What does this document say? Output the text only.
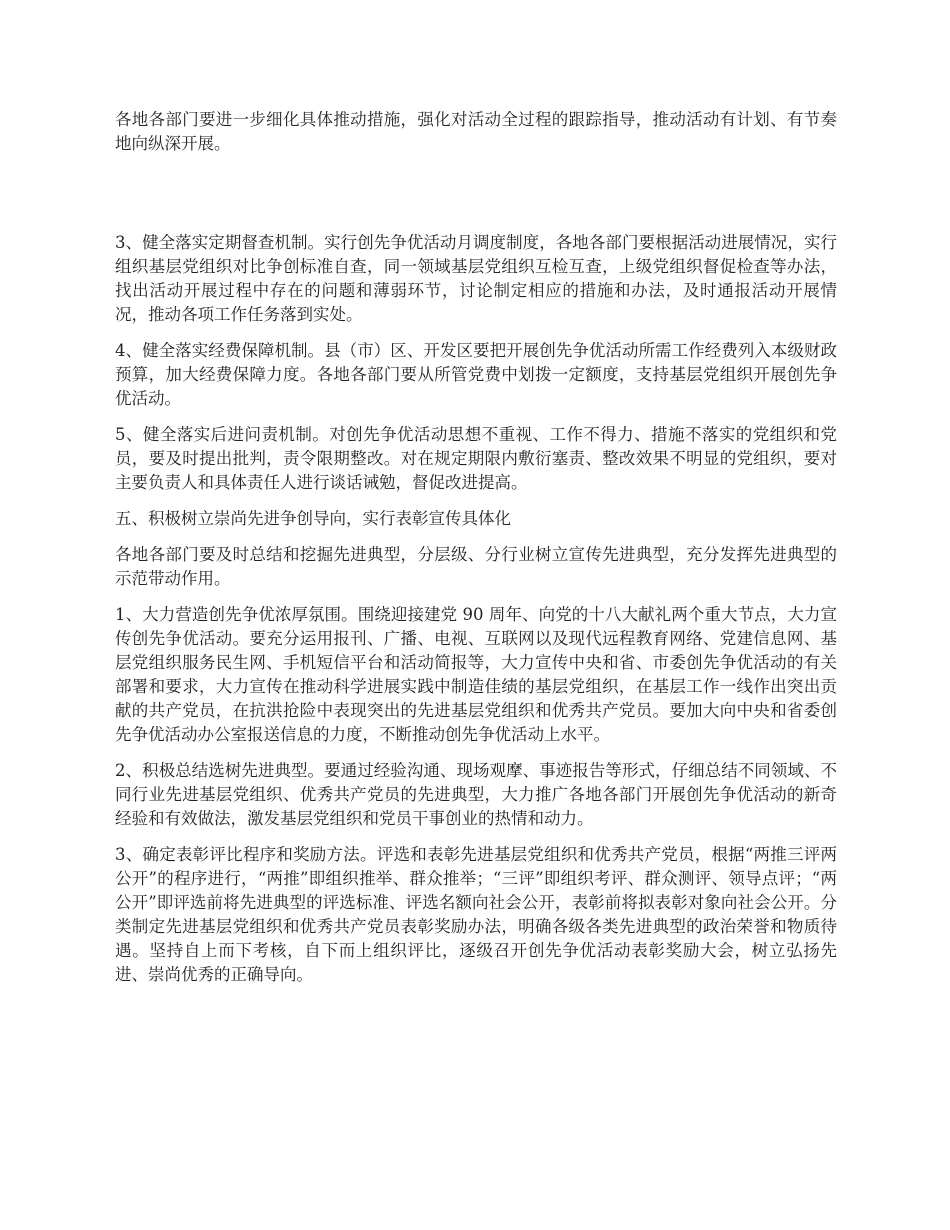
各地各部门要进一步细化具体推动措施，强化对活动全过程的跟踪指导，推动活动有计划、有节奏地向纵深开展。

3、健全落实定期督查机制。实行创先争优活动月调度制度，各地各部门要根据活动进展情况，实行组织基层党组织对比争创标准自查，同一领域基层党组织互检互查，上级党组织督促检查等办法，找出活动开展过程中存在的问题和薄弱环节，讨论制定相应的措施和办法，及时通报活动开展情况，推动各项工作任务落到实处。

4、健全落实经费保障机制。县（市）区、开发区要把开展创先争优活动所需工作经费列入本级财政预算，加大经费保障力度。各地各部门要从所管党费中划拨一定额度，支持基层党组织开展创先争优活动。

5、健全落实后进问责机制。对创先争优活动思想不重视、工作不得力、措施不落实的党组织和党员，要及时提出批判，责令限期整改。对在规定期限内敷衍塞责、整改效果不明显的党组织，要对主要负责人和具体责任人进行谈话诫勉，督促改进提高。

五、积极树立崇尚先进争创导向，实行表彰宣传具体化

各地各部门要及时总结和挖掘先进典型，分层级、分行业树立宣传先进典型，充分发挥先进典型的示范带动作用。

1、大力营造创先争优浓厚氛围。围绕迎接建党 90 周年、向党的十八大献礼两个重大节点，大力宣传创先争优活动。要充分运用报刊、广播、电视、互联网以及现代远程教育网络、党建信息网、基层党组织服务民生网、手机短信平台和活动简报等，大力宣传中央和省、市委创先争优活动的有关部署和要求，大力宣传在推动科学进展实践中制造佳绩的基层党组织，在基层工作一线作出突出贡献的共产党员，在抗洪抢险中表现突出的先进基层党组织和优秀共产党员。要加大向中央和省委创先争优活动办公室报送信息的力度，不断推动创先争优活动上水平。

2、积极总结选树先进典型。要通过经验沟通、现场观摩、事迹报告等形式，仔细总结不同领域、不同行业先进基层党组织、优秀共产党员的先进典型，大力推广各地各部门开展创先争优活动的新奇经验和有效做法，激发基层党组织和党员干事创业的热情和动力。

3、确定表彰评比程序和奖励方法。评选和表彰先进基层党组织和优秀共产党员，根据“两推三评两公开”的程序进行，“两推”即组织推举、群众推举；“三评”即组织考评、群众测评、领导点评；“两公开”即评选前将先进典型的评选标准、评选名额向社会公开，表彰前将拟表彰对象向社会公开。分类制定先进基层党组织和优秀共产党员表彰奖励办法，明确各级各类先进典型的政治荣誉和物质待遇。坚持自上而下考核，自下而上组织评比，逐级召开创先争优活动表彰奖励大会，树立弘扬先进、崇尚优秀的正确导向。
